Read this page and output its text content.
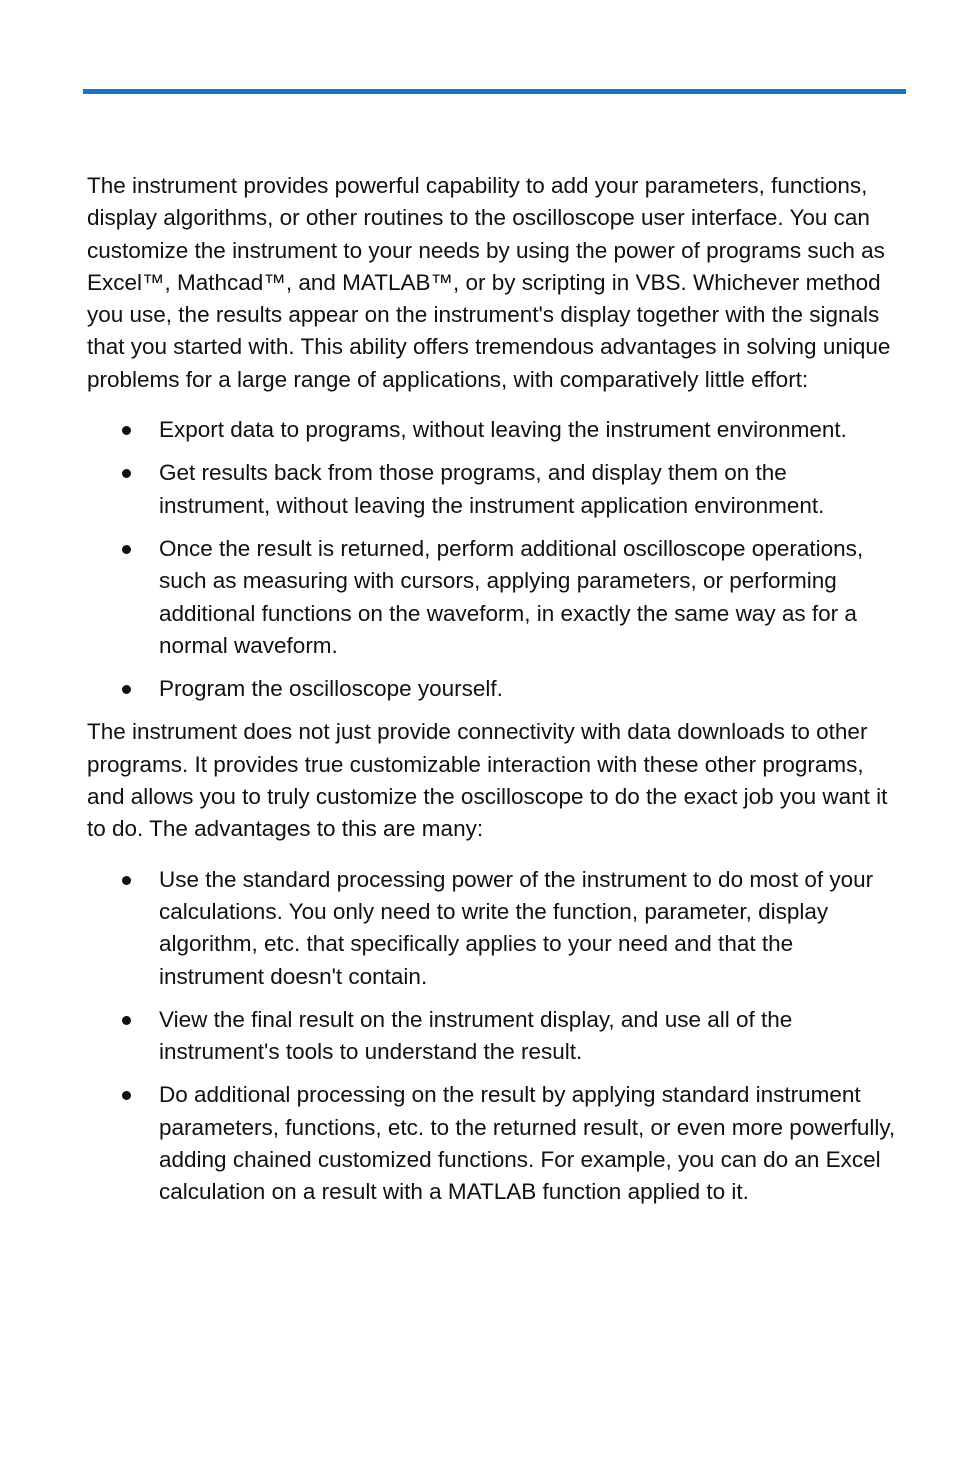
The instrument provides powerful capability to add your parameters, functions, display algorithms, or other routines to the oscilloscope user interface. You can customize the instrument to your needs by using the power of programs such as Excel™, Mathcad™, and MATLAB™, or by scripting in VBS. Whichever method you use, the results appear on the instrument's display together with the signals that you started with. This ability offers tremendous advantages in solving unique problems for a large range of applications, with comparatively little effort:

Export data to programs, without leaving the instrument environment.
Get results back from those programs, and display them on the instrument, without leaving the instrument application environment.
Once the result is returned, perform additional oscilloscope operations, such as measuring with cursors, applying parameters, or performing additional functions on the waveform, in exactly the same way as for a normal waveform.
Program the oscilloscope yourself.

The instrument does not just provide connectivity with data downloads to other programs. It provides true customizable interaction with these other programs, and allows you to truly customize the oscilloscope to do the exact job you want it to do. The advantages to this are many:

Use the standard processing power of the instrument to do most of your calculations. You only need to write the function, parameter, display algorithm, etc. that specifically applies to your need and that the instrument doesn't contain.
View the final result on the instrument display, and use all of the instrument's tools to understand the result.
Do additional processing on the result by applying standard instrument parameters, functions, etc. to the returned result, or even more powerfully, adding chained customized functions. For example, you can do an Excel calculation on a result with a MATLAB function applied to it.
